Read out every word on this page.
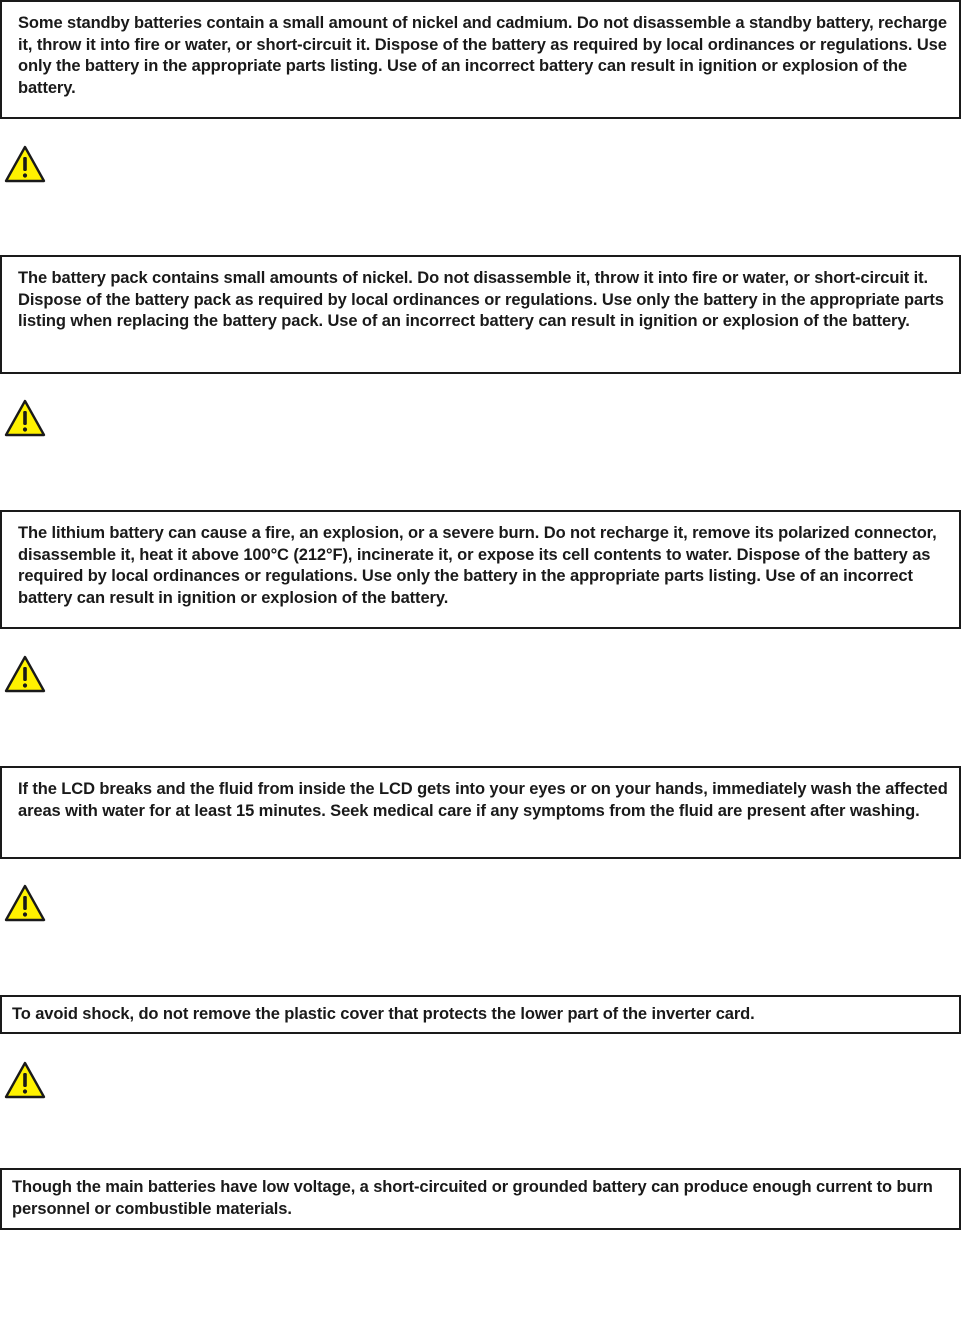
Some standby batteries contain a small amount of nickel and cadmium. Do not disassemble a standby battery, recharge it, throw it into fire or water, or short-circuit it. Dispose of the battery as required by local ordinances or regulations. Use only the battery in the appropriate parts listing. Use of an incorrect battery can result in ignition or explosion of the battery.

The battery pack contains small amounts of nickel. Do not disassemble it, throw it into fire or water, or short-circuit it. Dispose of the battery pack as required by local ordinances or regulations. Use only the battery in the appropriate parts listing when replacing the battery pack. Use of an incorrect battery can result in ignition or explosion of the battery.

The lithium battery can cause a fire, an explosion, or a severe burn. Do not recharge it, remove its polarized connector, disassemble it, heat it above 100°C (212°F), incinerate it, or expose its cell contents to water. Dispose of the battery as required by local ordinances or regulations. Use only the battery in the appropriate parts listing. Use of an incorrect battery can result in ignition or explosion of the battery.

If the LCD breaks and the fluid from inside the LCD gets into your eyes or on your hands, immediately wash the affected areas with water for at least 15 minutes. Seek medical care if any symptoms from the fluid are present after washing.

To avoid shock, do not remove the plastic cover that protects the lower part of the inverter card.

Though the main batteries have low voltage, a short-circuited or grounded battery can produce enough current to burn personnel or combustible materials.
